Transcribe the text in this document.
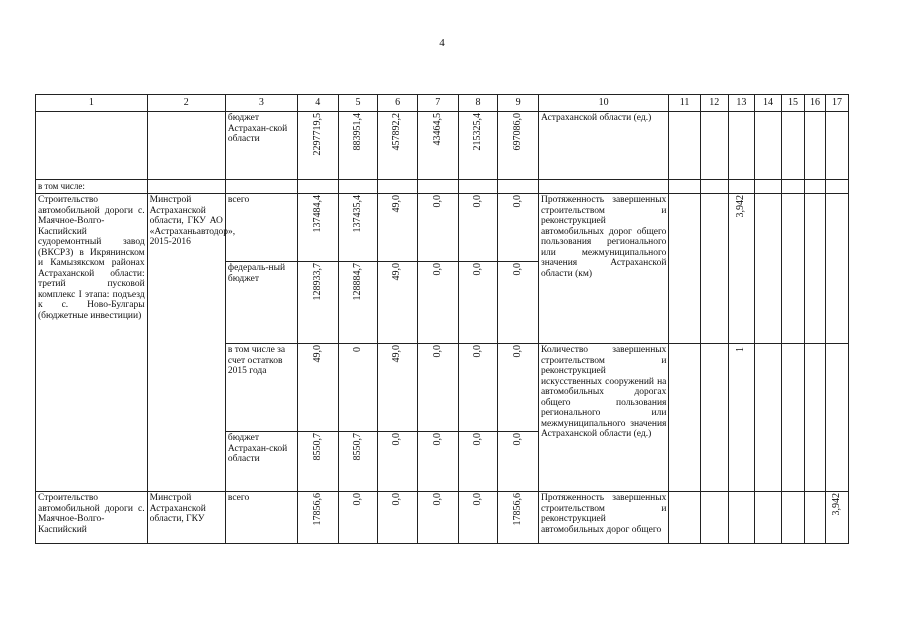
4
1	2	3	4	5	6	7	8	9	10	11	12	13	14	15	16	17
		бюджет Астрахан-ской области	2297719,5	883951,4	457892,2	43464,5	215325,4	697086,0	Астраханской области (ед.)							
в том числе:																
Строительство автомобильной дороги с. Маячное-Волго-Каспийский судоремонтный завод (ВКСРЗ) в Икрянинском и Камызякском районах Астраханской области: третий пусковой комплекс I этапа: подъезд к с. Ново-Булгары (бюджетные инвестиции)	Минстрой Астраханской области, ГКУ АО «Астраханьавтодор», 2015-2016	всего	137484,4	137435,4	49,0	0,0	0,0	0,0	Протяженность завершенных строительством и реконструкцией автомобильных дорог общего пользования регионального или межмуниципального значения Астраханской области (км)			3,942				
		федераль-ный бюджет	128933,7	128884,7	49,0	0,0	0,0	0,0								
		в том числе за счет остатков 2015 года	49,0	0	49,0	0,0	0,0	0,0	Количество завершенных строительством и реконструкцией искусственных сооружений на автомобильных дорогах общего пользования регионального или межмуниципального значения Астраханской области (ед.)			1				
		бюджет Астрахан-ской области	8550,7	8550,7	0,0	0,0	0,0	0,0								
Строительство автомобильной дороги с. Маячное-Волго-Каспийский	Минстрой Астраханской области, ГКУ	всего	17856,6	0,0	0,0	0,0	0,0	17856,6	Протяженность завершенных строительством и реконструкцией автомобильных дорог общего							3,942
